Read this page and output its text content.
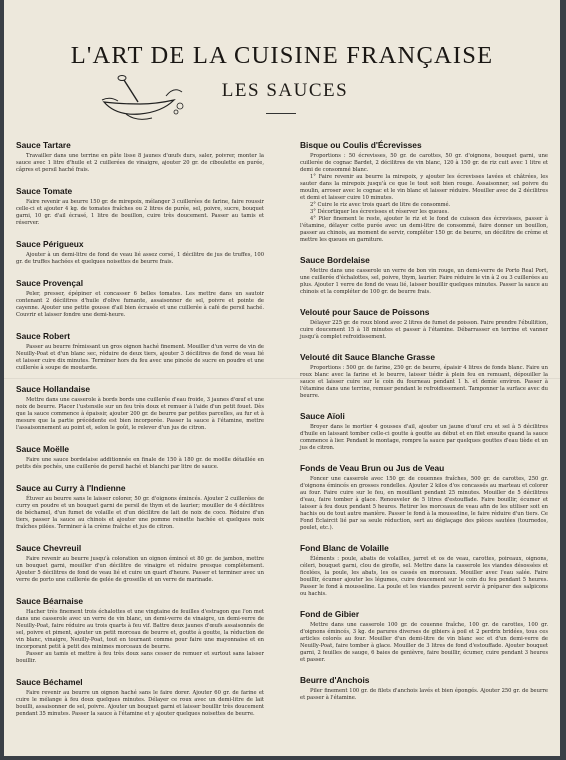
L'ART DE LA CUISINE FRANÇAISE
LES SAUCES
Sauce Tartare

Travailler dans une terrine en pâte lisse 8 jaunes d'œufs durs, saler, poivrer, monter la sauce avec 1 litre d'huile et 2 cuillerées de vinaigre, ajouter 20 gr. de ciboulette en purée, câpres et persil haché frais.

Sauce Tomate

Faire revenir au beurre 150 gr. de mirepoix, mélanger 3 cuillerées de farine, faire roussir celle-ci et ajouter 4 kg. de tomates fraîches ou 2 litres de purée, sel, poivre, sucre, bouquet garni, 10 gr. d'ail écrasé, 1 litre de bouillon, cuire très doucement. Passer au tamis et réserver.

Sauce Périgueux

Ajouter à un demi-litre de fond de veau lié assez corsé, 1 décilitre de jus de truffes, 100 gr. de truffes hachées et quelques noisettes de beurre frais.

Sauce Provençal

Peler, presser, épépiner et concasser 6 belles tomates. Les mettre dans un sautoir contenant 2 décilitres d'huile d'olive fumante, assaisonner de sel, poivre et pointe de cayenne. Ajouter une petite gousse d'ail bien écrasée et une cuillerée à café de persil haché. Couvrir et laisser fondre une demi-heure.

Sauce Robert

Passer au beurre frémissant un gros oignon haché finement. Mouiller d'un verre de vin de Neuilly-Poat et d'un blanc sec, réduire de deux tiers, ajouter 3 décilitres de fond de veau lié et laisser cuire dix minutes. Terminer hors du feu avec une pincée de sucre en poudre et une cuillerée à soupe de moutarde.

Sauce Hollandaise

Mettre dans une casserole à bords bords une cuillerée d'eau froide, 3 jaunes d'œuf et une noix de beurre. Placer l'ustensile sur un feu très doux et remuer à l'aide d'un petit fouet. Dès que la sauce commence à épaissir, ajouter 200 gr. de beurre par petites parcelles, au fur et à mesure que la partie précédente est bien incorporée. Passer la sauce à l'étamine, mettre l'assaisonnement au point et, selon le goût, le relever d'un jus de citron.

Sauce Moëlle

Faire une sauce bordelaise additionnée en finale de 150 à 180 gr. de moëlle détaillée en petits dés pochés, une cuillerée de persil haché et blanchi par litre de sauce.

Sauce au Curry à l'Indienne

Étuver au beurre sans le laisser colorer, 50 gr. d'oignons émincés. Ajouter 2 cuillerées de curry en poudre et un bouquet garni de persil de thym et de laurier; mouiller de 4 décilitres de béchamel, d'un fumet de volaille et d'un décilitre de lait de noix de coco. Réduire d'un tiers, passer la sauce au chinois et ajouter une pomme reinette hachée et quelques noix fraîches pilées. Terminer à la crème fraîche et jus de citron.

Sauce Chevreuil

Faire revenir au beurre jusqu'à coloration un oignon émincé et 80 gr. de jambon, mettre un bouquet garni, mouiller d'un décilitre de vinaigre et réduire presque complètement. Ajouter 5 décilitres de fond de veau lié et cuire un quart d'heure. Passer et terminer avec un verre de porto une cuillerée de gelée de groseille et un verre de marinade.

Sauce Béarnaise

Hacher très finement trois échalottes et une vingtaine de feuilles d'estragon que l'on met dans une casserole avec un verre de vin blanc, un demi-verre de vinaigre, un demi-verre de Neuilly-Poat, faire réduire au trois quarts à feu vif. Battre deux jaunes d'œufs assaisonnés de sel, poivre et piment, ajouter un petit morceau de beurre et, goutte à goutte, la réduction de vin blanc, vinaigre, Neuilly-Poat, tout en tournant comme pour faire une mayonnaise et en incorporant petit à petit des minimes morceaux de beurre.

Passer au tamis et mettre à feu très doux sans cesser de remuer et surtout sans laisser bouillir.

Sauce Béchamel

Faire revenir au beurre un oignon haché sans le faire dorer. Ajouter 60 gr. de farine et cuire le mélange à feu doux quelques minutes. Délayer ce roux avec un demi-litre de lait bouilli, assaisonner de sel, poivre. Ajouter un bouquet garni et laisser bouillir très doucement pendant 35 minutes. Passer la sauce à l'étamine et y ajouter quelques noisettes de beurre.

Bisque ou Coulis d'Écrevisses

Proportions : 50 écrevisses, 50 gr. de carottes, 50 gr. d'oignons, bouquet garni, une cuillerée de cognac Bardet, 2 décilitres de vin blanc, 120 à 150 gr. de riz cuit avec 1 litre et demi de consommé blanc.

1° Faire revenir au beurre la mirepoix, y ajouter les écrevisses lavées et châtrées, les sauter dans la mirepoix jusqu'à ce que le tout soit bien rouge. Assaisonner, sel poivre du moulin, arroser avec le cognac et le vin blanc et laisser réduire. Mouiller avec de 2 décilitres et demi et laisser cuire 10 minutes.

2° Cuire le riz avec trois quart de litre de consommé.

3° Décortiquer les écrevisses et réserver les queues.

4° Piler finement le reste, ajouter le riz et le fond de cuisson des écrevisses, passer à l'étamine, délayer cette purée avec un demi-litre de consommé, faire donner un bouillon, passer au chinois, au moment de servir, compléter 150 gr. de beurre, un décilitre de crème et mettre les queues en garniture.

Sauce Bordelaise

Mettre dans une casserole un verre de bon vin rouge, un demi-verre de Porto Real Port, une cuillerée d'échalottes, sel, poivre, thym, laurier. Faire réduire le vin à 2 ou 3 cuillerées au plus. Ajouter 1 verre de fond de veau lié, laisser bouillir quelques minutes. Passer la sauce au chinois et la compléter de 100 gr. de beurre frais.

Velouté pour Sauce de Poissons

Délayer 225 gr. de roux blond avec 2 litres de fumet de poisson. Faire prendre l'ébullition, cuire doucement 15 à 18 minutes et passer à l'étamine. Débarrasser en terrine et vanner jusqu'à complet refroidissement.

Velouté dit Sauce Blanche Grasse

Proportions : 500 gr. de farine, 250 gr. de beurre, épaisir 4 litres de fonds blanc. Faire un roux blanc avec la farine et le beurre, laisser tiédir à plein feu en remuant, dépouiller la sauce et laisser cuire sur le coin du fourneau pendant 1 h. et demie environ. Passer à l'étamine dans une terrine, remuer pendant le refroidissement. Tamponner la surface avec du beurre.

Sauce Aïoli

Broyer dans le mortier 4 gousses d'ail, ajouter un jaune d'œuf cru et sel à 5 décilitres d'huile en laissant tomber celle-ci goutte à goutte au début et en filet ensuite quand la sauce commence à lier. Pendant le montage, rompre la sauce par quelques gouttes d'eau tiède et un jus de citron.

Fonds de Veau Brun ou Jus de Veau

Foncer une casserole avec 150 gr. de couennes fraîches, 500 gr. de carottes, 250 gr. d'oignons émincés en grosses rondelles. Ajouter 2 kilos d'os concassés au marteau et colorer au four. Faire cuire sur le feu, en mouillant pendant 25 minutes. Mouiller de 5 décilitres d'eau, faire tomber à glace. Renouveler de 5 litres d'estouffade. Faire bouillir, écumer et laisser à feu doux pendant 5 heures. Retirer les morceaux de veau afin de les utiliser soit en hachis ou de tout autre manière. Passer le fond à la mousseline, le faire réduire d'un tiers. Ce Fond Éclaircit lié par sa seule réduction, sert au déglaçage des pièces sautées (tournedos, poulet, etc.).

Fond Blanc de Volaille

Éléments : poule, abatis de volailles, jarret et os de veau, carottes, poireaux, oignons, céleri, bouquet garni, clou de girofle, sel. Mettre dans la casserole les viandes désossées et ficelées, la poule, les abats, les os cassés en morceaux. Mouiller avec l'eau salée. Faire bouillir, écumer ajouter les légumes, cuire doucement sur le coin du feu pendant 5 heures. Passer le fond à mousseline. La poule et les viandes peuvent servir à préparer des salpicons ou hachis.

Fond de Gibier

Mettre dans une casserole 100 gr. de couenne fraîche, 100 gr. de carottes, 100 gr. d'oignons émincés, 3 kg. de parures diverses de gibiers à poil et 2 perdrix bridées, tous ces articles colorés au four. Mouiller d'un demi-litre de vin blanc sec et d'un demi-verre de Neuilly-Poat, faire tomber à glace. Mouiller de 3 litres de fond d'estouffade. Ajouter bouquet garni, 2 feuilles de sauge, 6 baies de genièvre, faire bouillir, écumer, cuire pendant 3 heures et passer.

Beurre d'Anchois

Piler finement 100 gr. de filets d'anchois lavés et bien épongés. Ajouter 250 gr. de beurre et passer à l'étamine.
